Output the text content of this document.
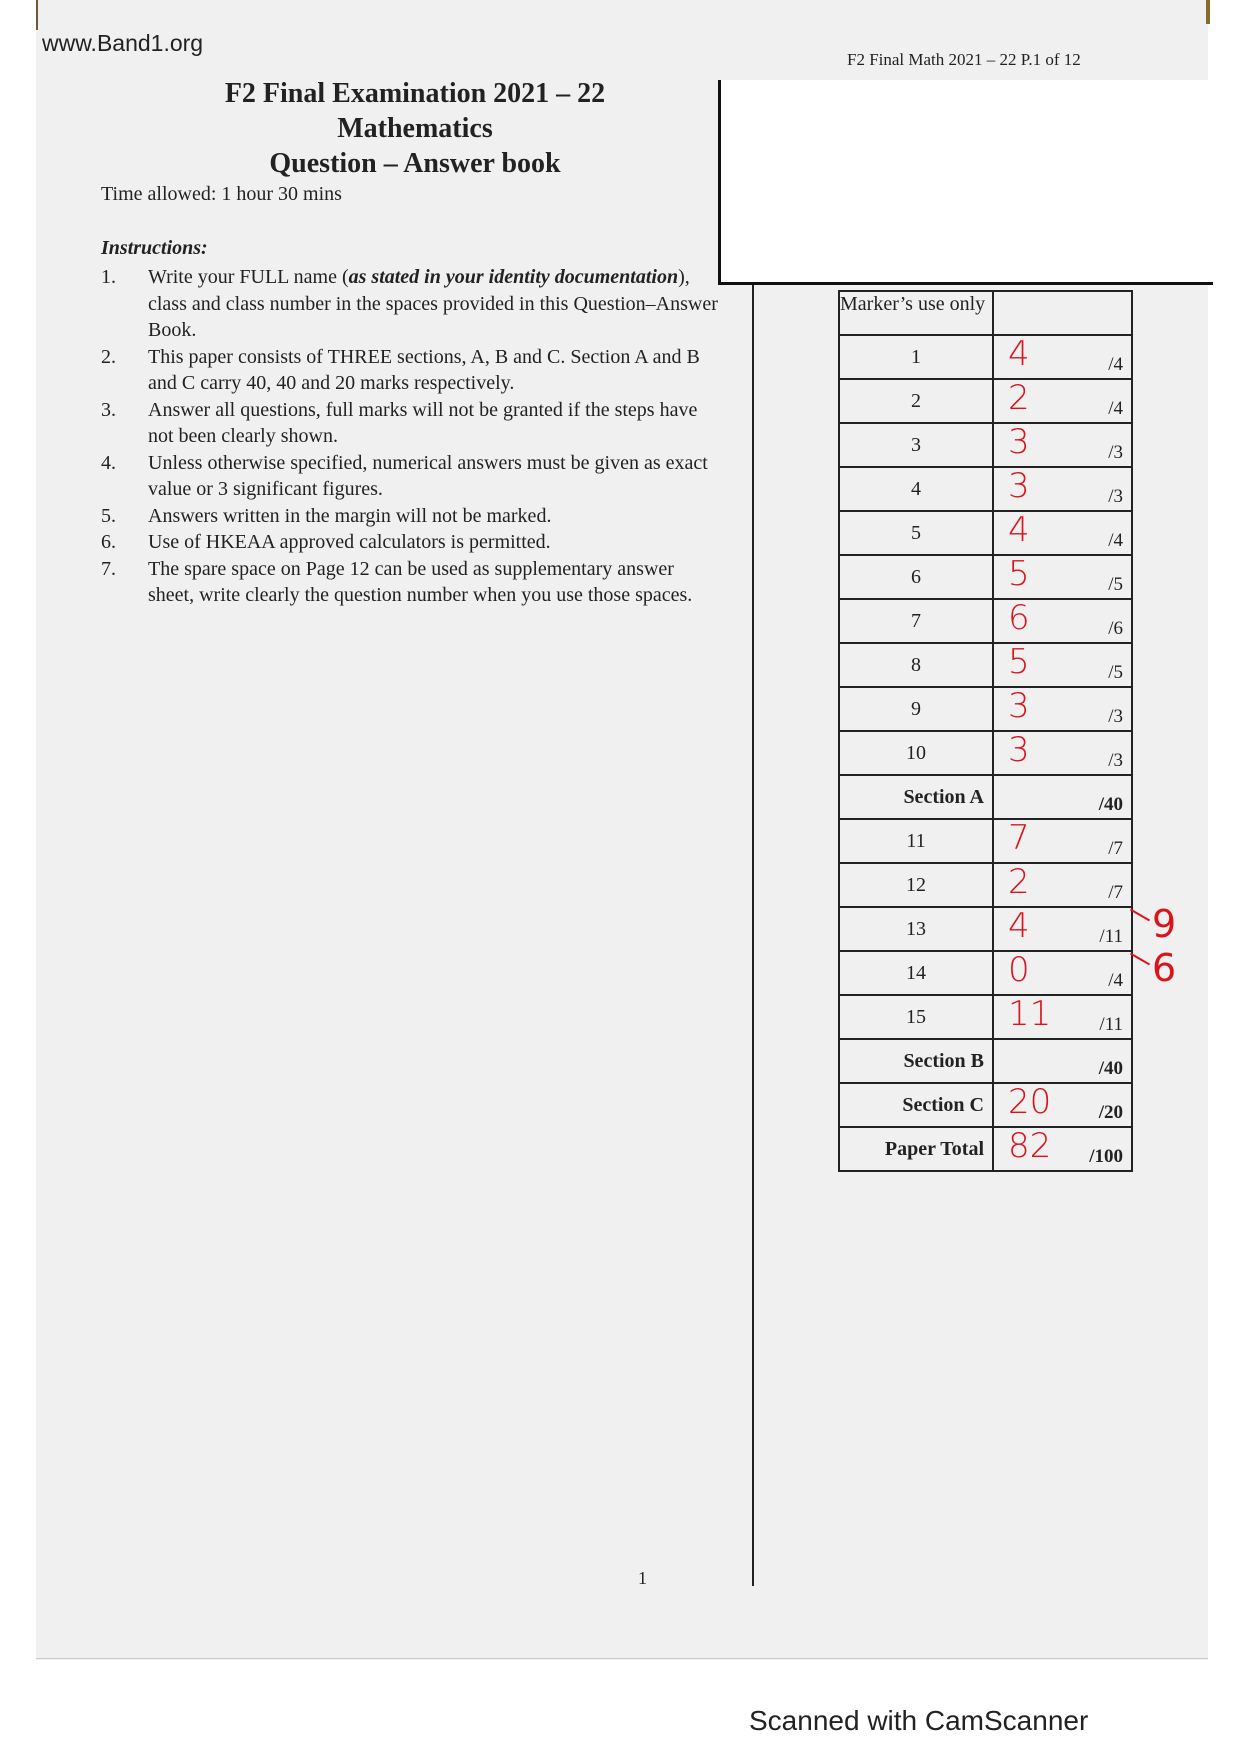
www.Band1.org
F2 Final Math 2021 – 22 P.1 of 12
F2 Final Examination 2021 – 22
Mathematics
Question – Answer book
Time allowed: 1 hour 30 mins
Instructions:
1.	Write your FULL name (as stated in your identity documentation), class and class number in the spaces provided in this Question–Answer Book.
2.	This paper consists of THREE sections, A, B and C. Section A and B and C carry 40, 40 and 20 marks respectively.
3.	Answer all questions, full marks will not be granted if the steps have not been clearly shown.
4.	Unless otherwise specified, numerical answers must be given as exact value or 3 significant figures.
5.	Answers written in the margin will not be marked.
6.	Use of HKEAA approved calculators is permitted.
7.	The spare space on Page 12 can be used as supplementary answer sheet, write clearly the question number when you use those spaces.
Marker’s use only	
1	4 /4

2	2 /4

3	3 /3

4	3 /3

5	4 /4

6	5 /5

7	6 /6

8	5 /5

9	3 /3

10	3 /3

Section A	/40

11	7 /7

12	2 /7

13	4 /11 9

14	0 /4 6

15	11 /11

Section B	/40

Section C	20 /20

Paper Total	82 /100
1
Scanned with CamScanner
